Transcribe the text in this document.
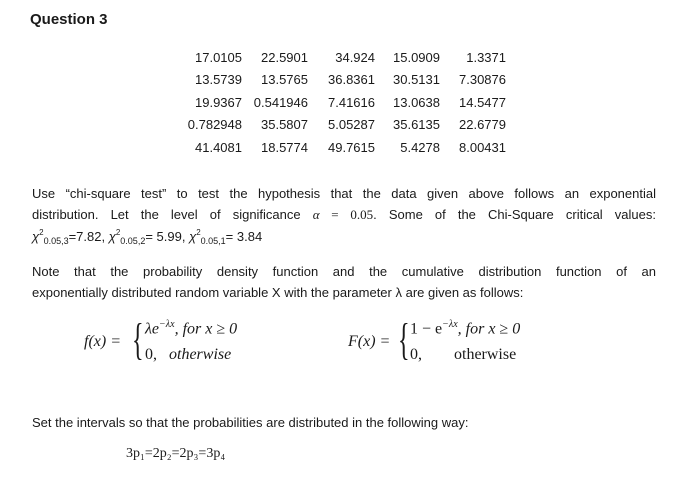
Question 3
17.0105	22.5901	34.924	15.0909	1.3371
13.5739	13.5765	36.8361	30.5131	7.30876
19.9367	0.541946	7.41616	13.0638	14.5477
0.782948	35.5807	5.05287	35.6135	22.6779
41.4081	18.5774	49.7615	5.4278	8.00431
Use “chi-square test” to test the hypothesis that the data given above follows an exponential
distribution. Let the level of significance α = 0.05. Some of the Chi-Square critical values:
$\chi^2_{0.05,3}=7.82$, $\chi^2_{0.05,2}= 5.99$, $\chi^2_{0.05,1}= 3.84$
Note that the probability density function and the cumulative distribution function of an
exponentially distributed random variable X with the parameter λ are given as follows:
f(x) = { $\lambda e^{-\lambda x}$, for x ≥ 0
0, otherwise
F(x) = { $1 - e^{-\lambda x}$, for x ≥ 0
0, otherwise
Set the intervals so that the probabilities are distributed in the following way:
3p₁=2p₂=2p₃=3p₄
